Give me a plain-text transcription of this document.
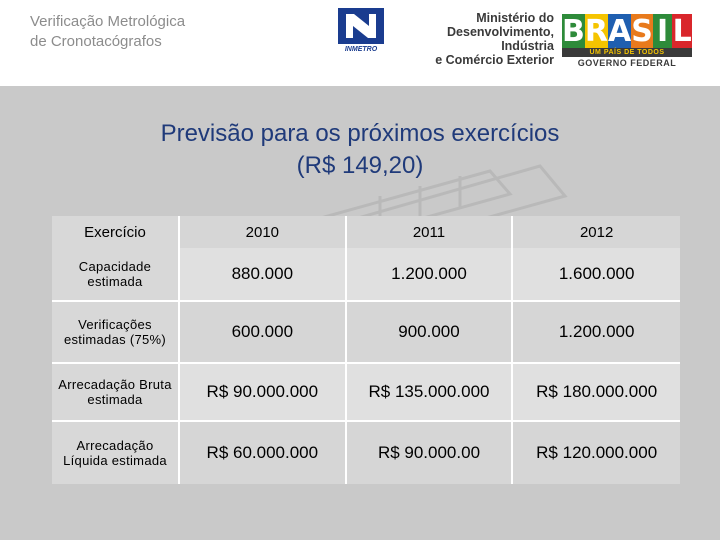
Verificação Metrológica
de Cronotacógrafos	INMETRO
Ministério do
Desenvolvimento, Indústria
e Comércio Exterior
B R A S I L
UM PAÍS DE TODOS
GOVERNO FEDERAL
Previsão para os próximos exercícios
(R$ 149,20)
Exercício	2010	2011	2012
Capacidade estimada	880.000	1.200.000	1.600.000
Verificações estimadas (75%)	600.000	900.000	1.200.000
Arrecadação Bruta estimada	R$ 90.000.000	R$ 135.000.000	R$ 180.000.000
Arrecadação Líquida estimada	R$ 60.000.000	R$ 90.000.00	R$ 120.000.000
